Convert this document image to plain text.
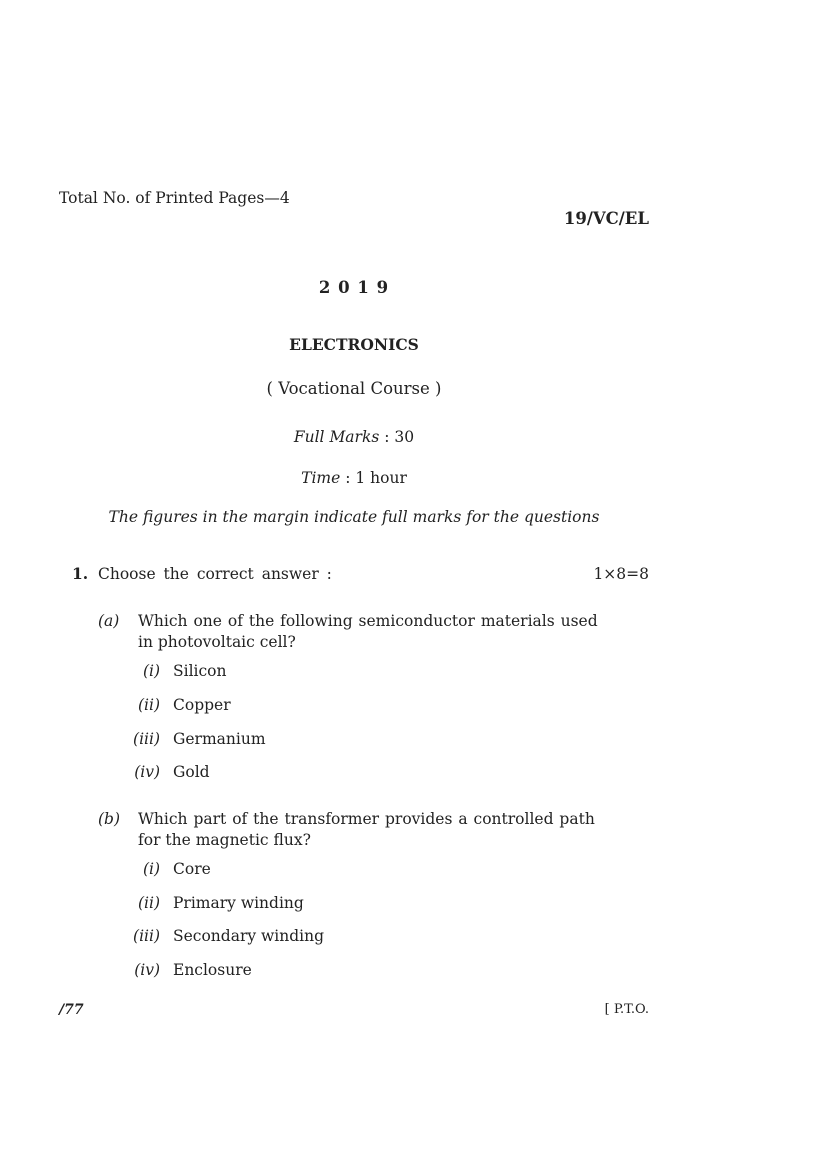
Total No. of Printed Pages—4
19/VC/EL
2 0 1 9
ELECTRONICS
( Vocational Course )
Full Marks : 30
Time : 1 hour
The figures in the margin indicate full marks for the questions
1. Choose the correct answer :	1×8=8
(a) Which one of the following semiconductor materials used
in photovoltaic cell?
(i) Silicon
(ii) Copper
(iii) Germanium
(iv) Gold
(b) Which part of the transformer provides a controlled path
for the magnetic flux?
(i) Core
(ii) Primary winding
(iii) Secondary winding
(iv) Enclosure
/77	[ P.T.O.
